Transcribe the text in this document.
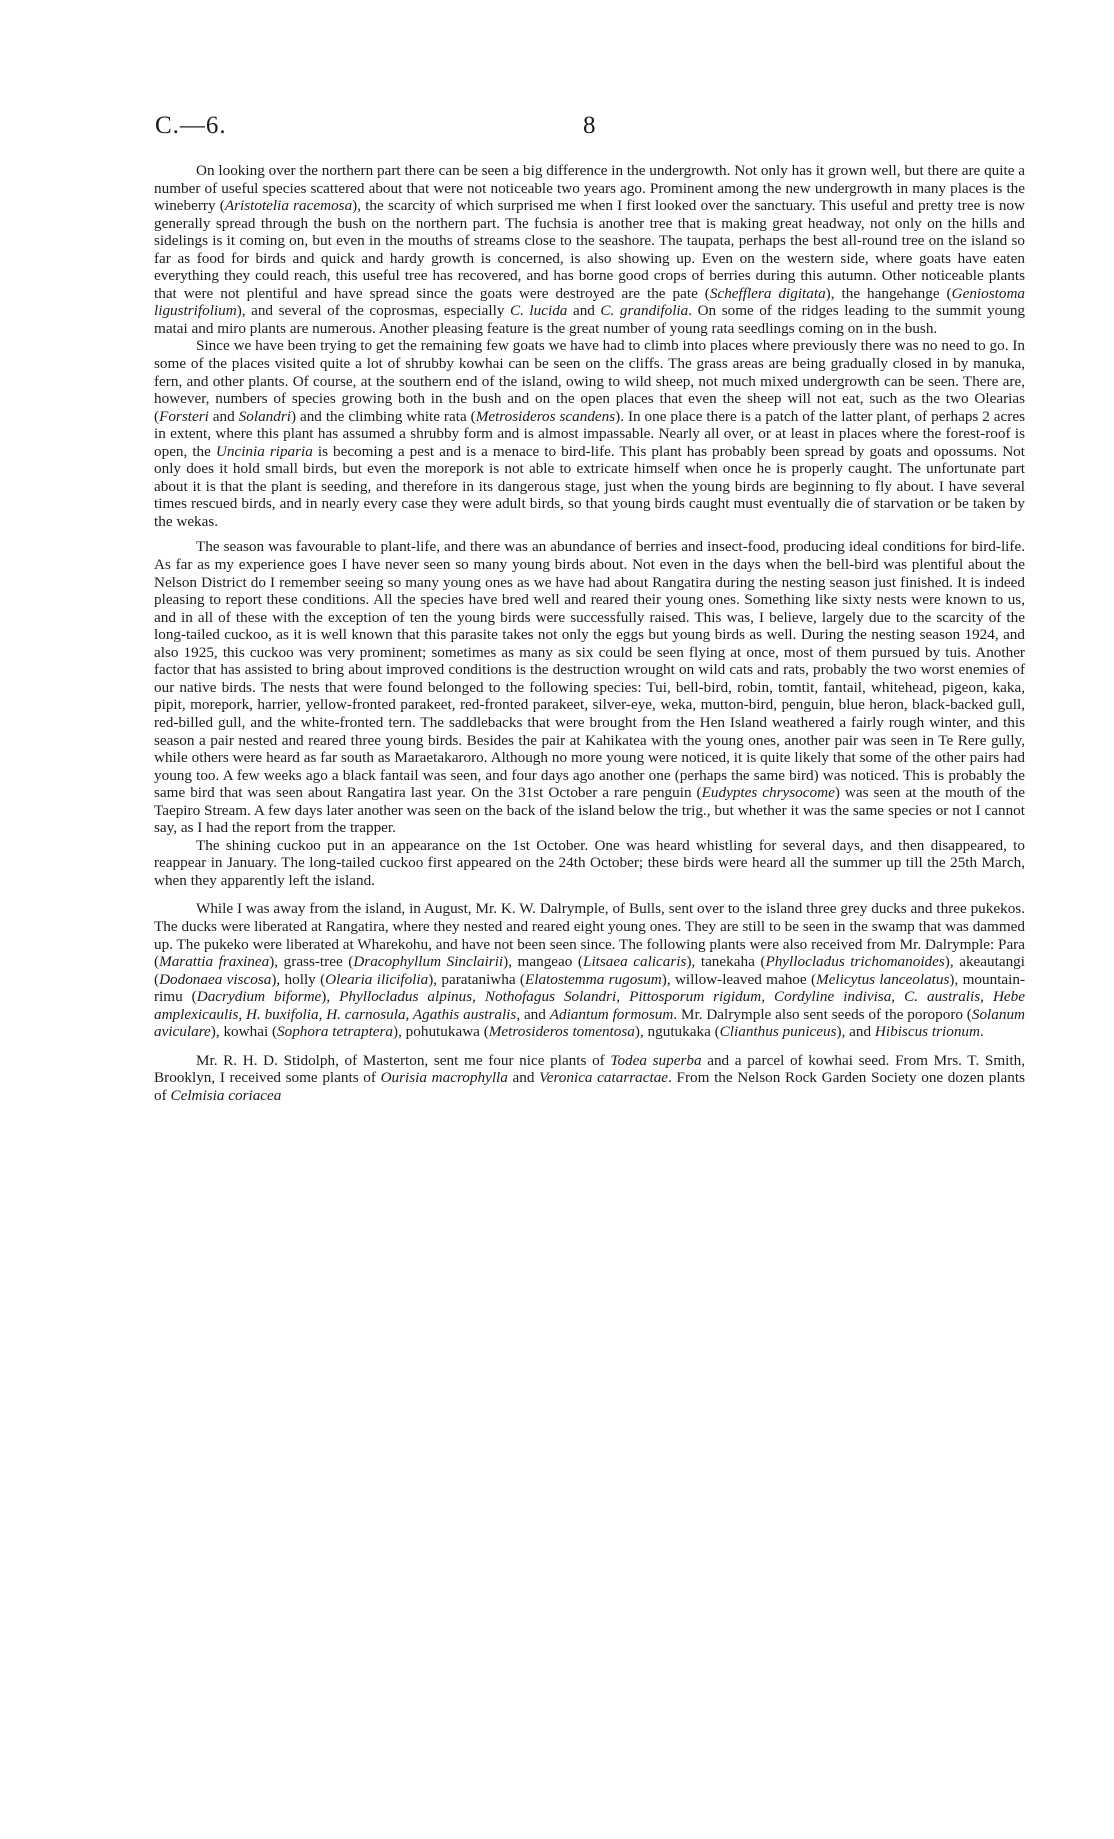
C.—6.	8

On looking over the northern part there can be seen a big difference in the undergrowth. Not only has it grown well, but there are quite a number of useful species scattered about that were not noticeable two years ago. Prominent among the new undergrowth in many places is the wineberry (Aristotelia racemosa), the scarcity of which surprised me when I first looked over the sanctuary. This useful and pretty tree is now generally spread through the bush on the northern part. The fuchsia is another tree that is making great headway, not only on the hills and sidelings is it coming on, but even in the mouths of streams close to the seashore. The taupata, perhaps the best all-round tree on the island so far as food for birds and quick and hardy growth is concerned, is also showing up. Even on the western side, where goats have eaten everything they could reach, this useful tree has recovered, and has borne good crops of berries during this autumn. Other noticeable plants that were not plentiful and have spread since the goats were destroyed are the pate (Schefflera digitata), the hangehange (Geniostoma ligustrifolium), and several of the coprosmas, especially C. lucida and C. grandifolia. On some of the ridges leading to the summit young matai and miro plants are numerous. Another pleasing feature is the great number of young rata seedlings coming on in the bush.

Since we have been trying to get the remaining few goats we have had to climb into places where previously there was no need to go. In some of the places visited quite a lot of shrubby kowhai can be seen on the cliffs. The grass areas are being gradually closed in by manuka, fern, and other plants. Of course, at the southern end of the island, owing to wild sheep, not much mixed undergrowth can be seen. There are, however, numbers of species growing both in the bush and on the open places that even the sheep will not eat, such as the two Olearias (Forsteri and Solandri) and the climbing white rata (Metrosideros scandens). In one place there is a patch of the latter plant, of perhaps 2 acres in extent, where this plant has assumed a shrubby form and is almost impassable. Nearly all over, or at least in places where the forest-roof is open, the Uncinia riparia is becoming a pest and is a menace to bird-life. This plant has probably been spread by goats and opossums. Not only does it hold small birds, but even the morepork is not able to extricate himself when once he is properly caught. The unfortunate part about it is that the plant is seeding, and therefore in its dangerous stage, just when the young birds are beginning to fly about. I have several times rescued birds, and in nearly every case they were adult birds, so that young birds caught must eventually die of starvation or be taken by the wekas.

The season was favourable to plant-life, and there was an abundance of berries and insect-food, producing ideal conditions for bird-life. As far as my experience goes I have never seen so many young birds about. Not even in the days when the bell-bird was plentiful about the Nelson District do I remember seeing so many young ones as we have had about Rangatira during the nesting season just finished. It is indeed pleasing to report these conditions. All the species have bred well and reared their young ones. Something like sixty nests were known to us, and in all of these with the exception of ten the young birds were successfully raised. This was, I believe, largely due to the scarcity of the long-tailed cuckoo, as it is well known that this parasite takes not only the eggs but young birds as well. During the nesting season 1924, and also 1925, this cuckoo was very prominent; sometimes as many as six could be seen flying at once, most of them pursued by tuis. Another factor that has assisted to bring about improved conditions is the destruction wrought on wild cats and rats, probably the two worst enemies of our native birds. The nests that were found belonged to the following species: Tui, bell-bird, robin, tomtit, fantail, whitehead, pigeon, kaka, pipit, morepork, harrier, yellow-fronted parakeet, red-fronted parakeet, silver-eye, weka, mutton-bird, penguin, blue heron, black-backed gull, red-billed gull, and the white-fronted tern. The saddlebacks that were brought from the Hen Island weathered a fairly rough winter, and this season a pair nested and reared three young birds. Besides the pair at Kahikatea with the young ones, another pair was seen in Te Rere gully, while others were heard as far south as Maraetakaroro. Although no more young were noticed, it is quite likely that some of the other pairs had young too. A few weeks ago a black fantail was seen, and four days ago another one (perhaps the same bird) was noticed. This is probably the same bird that was seen about Rangatira last year. On the 31st October a rare penguin (Eudyptes chrysocome) was seen at the mouth of the Taepiro Stream. A few days later another was seen on the back of the island below the trig., but whether it was the same species or not I cannot say, as I had the report from the trapper.

The shining cuckoo put in an appearance on the 1st October. One was heard whistling for several days, and then disappeared, to reappear in January. The long-tailed cuckoo first appeared on the 24th October; these birds were heard all the summer up till the 25th March, when they apparently left the island.

While I was away from the island, in August, Mr. K. W. Dalrymple, of Bulls, sent over to the island three grey ducks and three pukekos. The ducks were liberated at Rangatira, where they nested and reared eight young ones. They are still to be seen in the swamp that was dammed up. The pukeko were liberated at Wharekohu, and have not been seen since. The following plants were also received from Mr. Dalrymple: Para (Marattia fraxinea), grass-tree (Dracophyllum Sinclairii), mangeao (Litsaea calicaris), tanekaha (Phyllocladus trichomanoides), akeautangi (Dodonaea viscosa), holly (Olearia ilicifolia), parataniwha (Elatostemma rugosum), willow-leaved mahoe (Melicytus lanceolatus), mountain-rimu (Dacrydium biforme), Phyllocladus alpinus, Nothofagus Solandri, Pittosporum rigidum, Cordyline indivisa, C. australis, Hebe amplexicaulis, H. buxifolia, H. carnosula, Agathis australis, and Adiantum formosum. Mr. Dalrymple also sent seeds of the poroporo (Solanum aviculare), kowhai (Sophora tetraptera), pohutukawa (Metrosideros tomentosa), ngutukaka (Clianthus puniceus), and Hibiscus trionum.

Mr. R. H. D. Stidolph, of Masterton, sent me four nice plants of Todea superba and a parcel of kowhai seed. From Mrs. T. Smith, Brooklyn, I received some plants of Ourisia macrophylla and Veronica catarractae. From the Nelson Rock Garden Society one dozen plants of Celmisia coriacea
